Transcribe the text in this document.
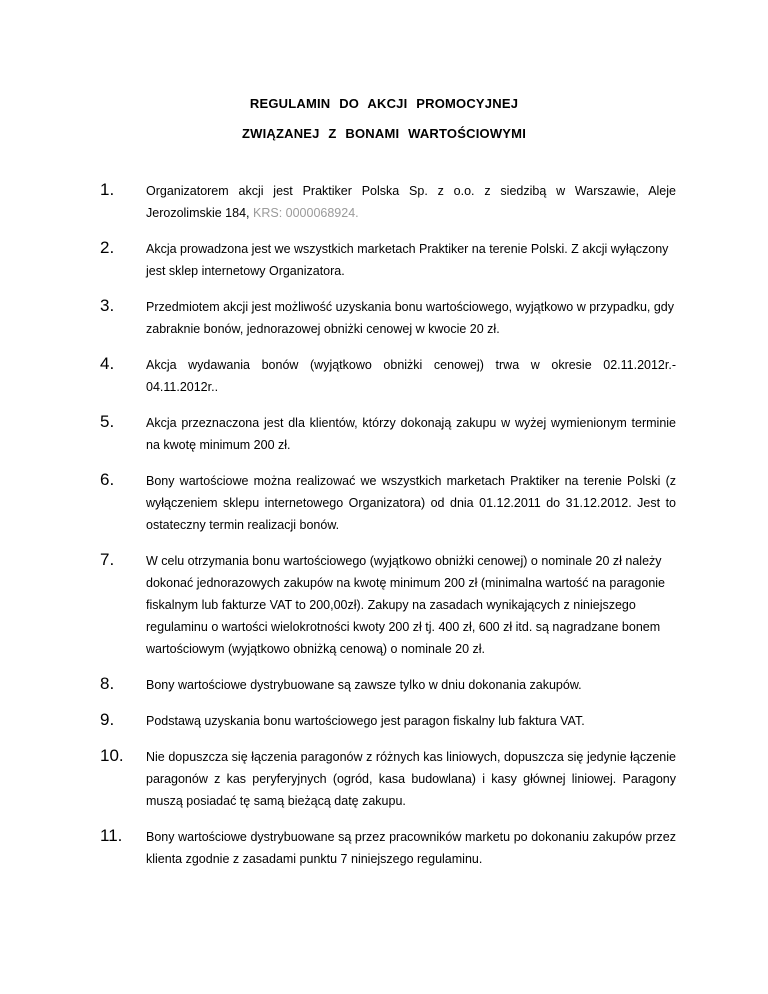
REGULAMIN DO AKCJI PROMOCYJNEJ
ZWIĄZANEJ Z BONAMI WARTOŚCIOWYMI
1.	Organizatorem akcji jest Praktiker Polska Sp. z o.o. z siedzibą w Warszawie, Aleje Jerozolimskie 184, KRS: 0000068924.
2.	Akcja prowadzona jest we wszystkich marketach Praktiker na terenie Polski. Z akcji wyłączony jest sklep internetowy Organizatora.
3.	Przedmiotem akcji jest możliwość uzyskania bonu wartościowego, wyjątkowo w przypadku, gdy zabraknie bonów, jednorazowej obniżki cenowej w kwocie 20 zł.
4.	Akcja wydawania bonów (wyjątkowo obniżki cenowej) trwa w okresie 02.11.2012r.- 04.11.2012r..
5.	Akcja przeznaczona jest dla klientów, którzy dokonają zakupu w wyżej wymienionym terminie na kwotę minimum 200 zł.
6.	Bony wartościowe można realizować we wszystkich marketach Praktiker na terenie Polski (z wyłączeniem sklepu internetowego Organizatora) od dnia 01.12.2011 do 31.12.2012. Jest to ostateczny termin realizacji bonów.
7.	W celu otrzymania bonu wartościowego (wyjątkowo obniżki cenowej) o nominale 20 zł należy dokonać jednorazowych zakupów na kwotę minimum 200 zł (minimalna wartość na paragonie fiskalnym lub fakturze VAT to 200,00zł). Zakupy na zasadach wynikających z niniejszego regulaminu o wartości wielokrotności kwoty 200 zł tj. 400 zł, 600 zł itd. są nagradzane bonem wartościowym (wyjątkowo obniżką cenową) o nominale 20 zł.
8.	Bony wartościowe dystrybuowane są zawsze tylko w dniu dokonania zakupów.
9.	Podstawą uzyskania bonu wartościowego jest paragon fiskalny lub faktura VAT.
10. Nie dopuszcza się łączenia paragonów z różnych kas liniowych, dopuszcza się jedynie łączenie paragonów z kas peryferyjnych (ogród, kasa budowlana) i kasy głównej liniowej. Paragony muszą posiadać tę samą bieżącą datę zakupu.
11. Bony wartościowe dystrybuowane są przez pracowników marketu po dokonaniu zakupów przez klienta zgodnie z zasadami punktu 7 niniejszego regulaminu.
